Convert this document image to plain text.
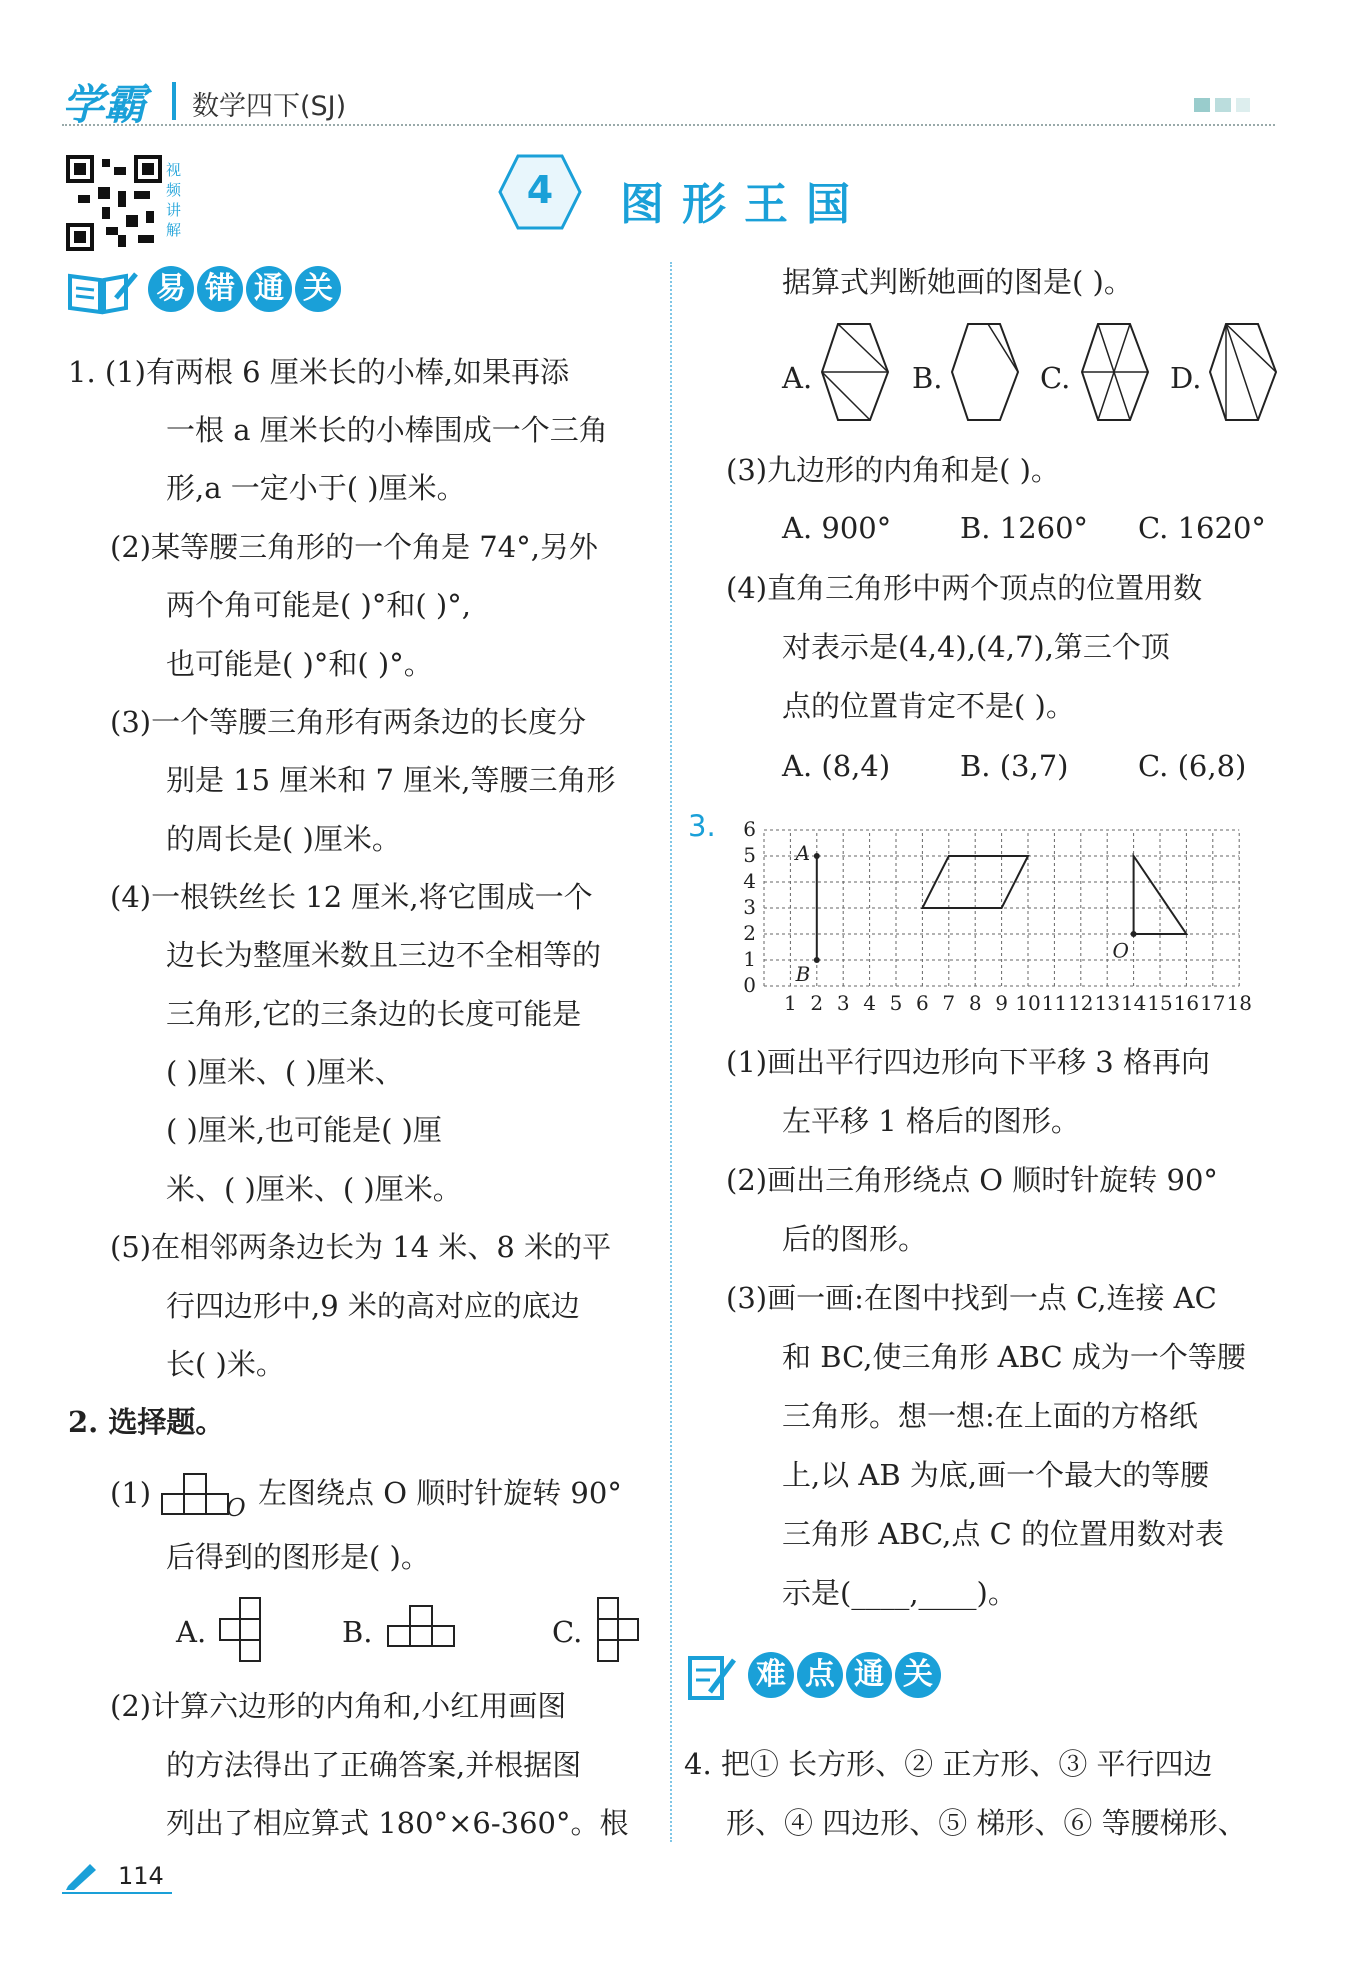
学霸 数学四下(SJ)
视频讲解
4	图形王国
易 错 通 关
1. (1)有两根 6 厘米长的小棒,如果再添
一根 a 厘米长的小棒围成一个三角
形,a 一定小于( )厘米。
(2)某等腰三角形的一个角是 74°,另外
两个角可能是( )°和( )°,
也可能是( )°和( )°。
(3)一个等腰三角形有两条边的长度分
别是 15 厘米和 7 厘米,等腰三角形
的周长是( )厘米。
(4)一根铁丝长 12 厘米,将它围成一个
边长为整厘米数且三边不全相等的
三角形,它的三条边的长度可能是
( )厘米、( )厘米、
( )厘米,也可能是( )厘
米、( )厘米、( )厘米。
(5)在相邻两条边长为 14 米、8 米的平
行四边形中,9 米的高对应的底边
长( )米。
2. 选择题。
(1)	O 左图绕点 O 顺时针旋转 90°
后得到的图形是( )。
A.	B.	C.
(2)计算六边形的内角和,小红用画图
的方法得出了正确答案,并根据图
列出了相应算式 180°×6-360°。根
据算式判断她画的图是( )。
A.	B.	C.	D.
(3)九边形的内角和是( )。
A. 900° B. 1260° C. 1620°
(4)直角三角形中两个顶点的位置用数
对表示是(4,4),(4,7),第三个顶
点的位置肯定不是( )。
A. (8,4) B. (3,7) C. (6,8)
3.
1 2 3 4 5 6 7 8 9 10 11 12 13 14 15 16 17 18
0
1
2
3
4
5
6
A
B
O
(1)画出平行四边形向下平移 3 格再向
左平移 1 格后的图形。
(2)画出三角形绕点 O 顺时针旋转 90°
后的图形。
(3)画一画:在图中找到一点 C,连接 AC
和 BC,使三角形 ABC 成为一个等腰
三角形。想一想:在上面的方格纸
上,以 AB 为底,画一个最大的等腰
三角形 ABC,点 C 的位置用数对表
示是(____,____)。
难 点 通 关
4. 把① 长方形、② 正方形、③ 平行四边
形、④ 四边形、⑤ 梯形、⑥ 等腰梯形、
114
